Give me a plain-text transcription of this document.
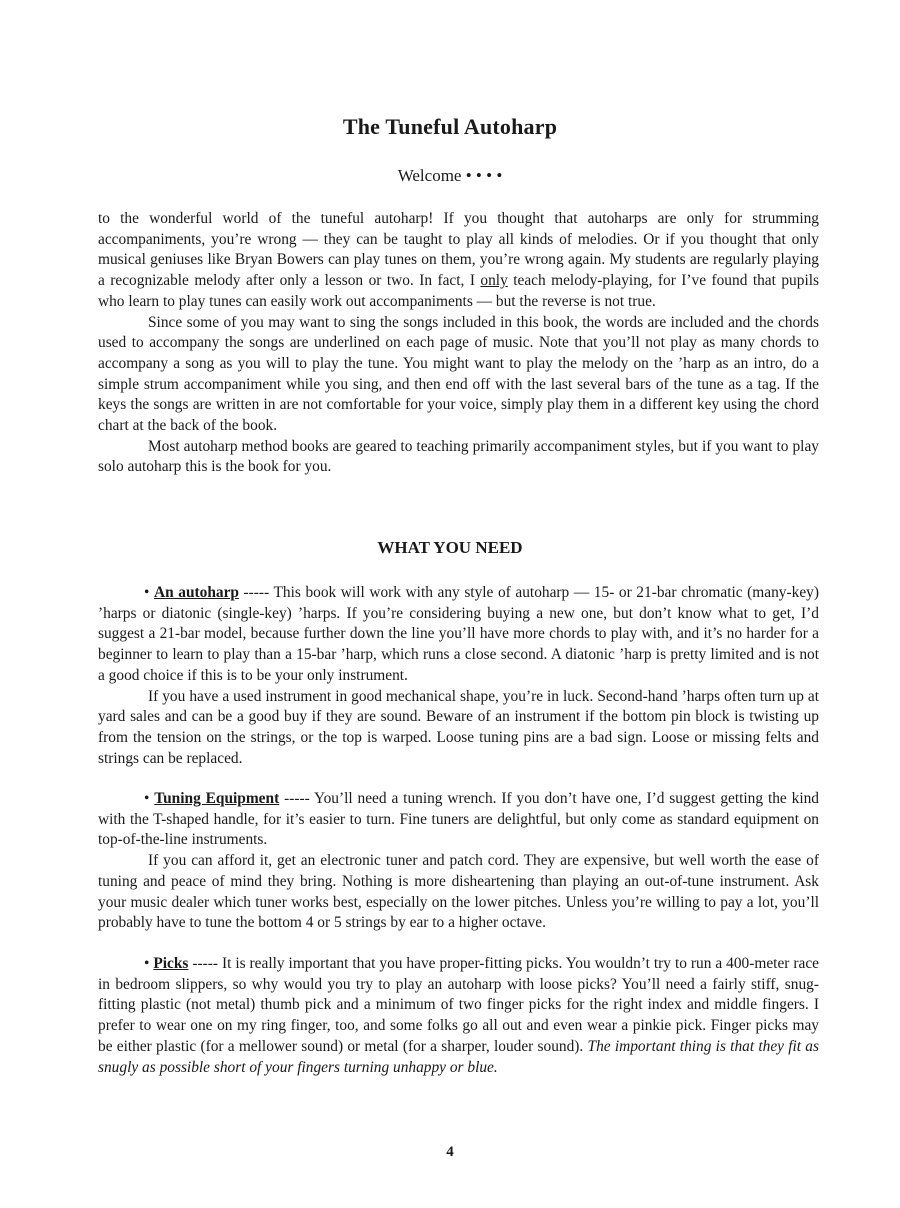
The Tuneful Autoharp
Welcome • • • •

to the wonderful world of the tuneful autoharp! If you thought that autoharps are only for strumming accompaniments, you’re wrong — they can be taught to play all kinds of melodies. Or if you thought that only musical geniuses like Bryan Bowers can play tunes on them, you’re wrong again. My students are regularly playing a recognizable melody after only a lesson or two. In fact, I only teach melody-playing, for I’ve found that pupils who learn to play tunes can easily work out accompaniments — but the reverse is not true.

Since some of you may want to sing the songs included in this book, the words are included and the chords used to accompany the songs are underlined on each page of music. Note that you’ll not play as many chords to accompany a song as you will to play the tune. You might want to play the melody on the ’harp as an intro, do a simple strum accompaniment while you sing, and then end off with the last several bars of the tune as a tag. If the keys the songs are written in are not comfortable for your voice, simply play them in a different key using the chord chart at the back of the book.

Most autoharp method books are geared to teaching primarily accompaniment styles, but if you want to play solo autoharp this is the book for you.

WHAT YOU NEED

• An autoharp ----- This book will work with any style of autoharp — 15- or 21-bar chromatic (many-key) ’harps or diatonic (single-key) ’harps. If you’re considering buying a new one, but don’t know what to get, I’d suggest a 21-bar model, because further down the line you’ll have more chords to play with, and it’s no harder for a beginner to learn to play than a 15-bar ’harp, which runs a close second. A diatonic ’harp is pretty limited and is not a good choice if this is to be your only instrument.

If you have a used instrument in good mechanical shape, you’re in luck. Second-hand ’harps often turn up at yard sales and can be a good buy if they are sound. Beware of an instrument if the bottom pin block is twisting up from the tension on the strings, or the top is warped. Loose tuning pins are a bad sign. Loose or missing felts and strings can be replaced.

• Tuning Equipment ----- You’ll need a tuning wrench. If you don’t have one, I’d suggest getting the kind with the T-shaped handle, for it’s easier to turn. Fine tuners are delightful, but only come as standard equipment on top-of-the-line instruments.

If you can afford it, get an electronic tuner and patch cord. They are expensive, but well worth the ease of tuning and peace of mind they bring. Nothing is more disheartening than playing an out-of-tune instrument. Ask your music dealer which tuner works best, especially on the lower pitches. Unless you’re willing to pay a lot, you’ll probably have to tune the bottom 4 or 5 strings by ear to a higher octave.

• Picks ----- It is really important that you have proper-fitting picks. You wouldn’t try to run a 400-meter race in bedroom slippers, so why would you try to play an autoharp with loose picks? You’ll need a fairly stiff, snug-fitting plastic (not metal) thumb pick and a minimum of two finger picks for the right index and middle fingers. I prefer to wear one on my ring finger, too, and some folks go all out and even wear a pinkie pick. Finger picks may be either plastic (for a mellower sound) or metal (for a sharper, louder sound). The important thing is that they fit as snugly as possible short of your fingers turning unhappy or blue.

4
